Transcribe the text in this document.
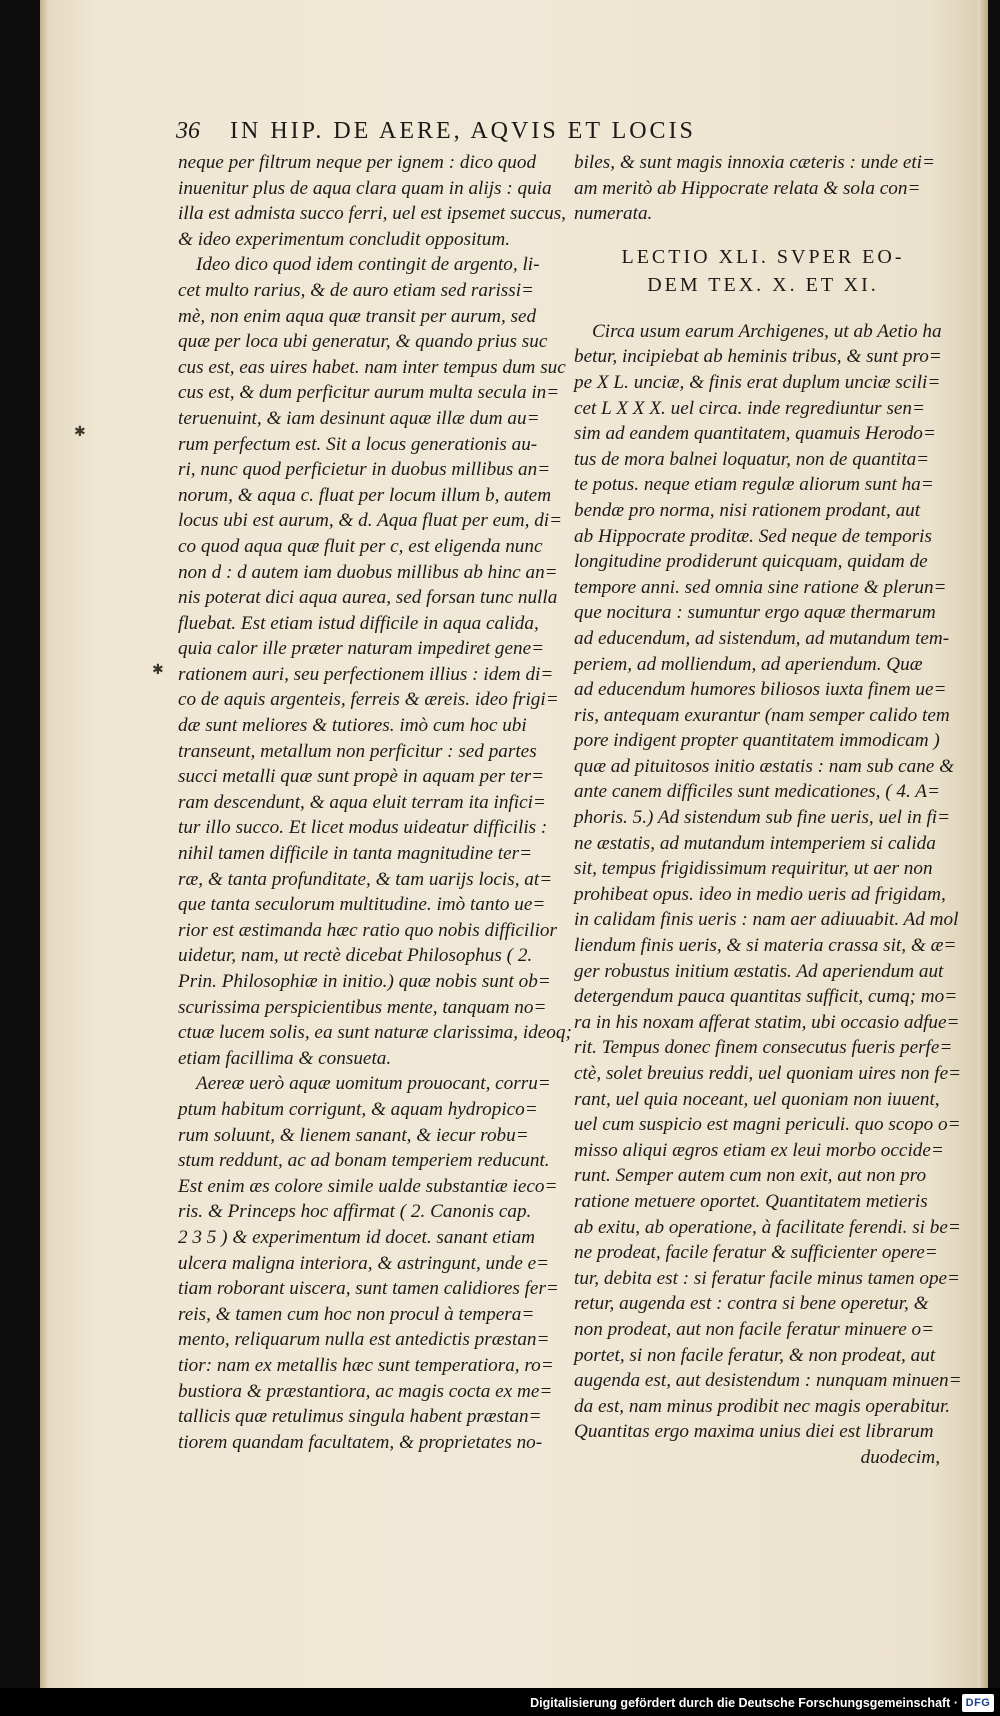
36 IN HIP. DE AERE, AQVIS ET LOCIS
neque per filtrum neque per ignem : dico quod
inuenitur plus de aqua clara quam in alijs : quia
illa est admista succo ferri, uel est ipsemet succus,
& ideo experimentum concludit oppositum.
Ideo dico quod idem contingit de argento, li-
cet multo rarius, & de auro etiam sed rarissi=
mè, non enim aqua quæ transit per aurum, sed
quæ per loca ubi generatur, & quando prius suc
cus est, eas uires habet. nam inter tempus dum suc
cus est, & dum perficitur aurum multa secula in=
teruenuint, & iam desinunt aquæ illæ dum au=
rum perfectum est. Sit a locus generationis au-
ri, nunc quod perficietur in duobus millibus an=
norum, & aqua c. fluat per locum illum b, autem
locus ubi est aurum, & d. Aqua fluat per eum, di=
co quod aqua quæ fluit per c, est eligenda nunc
non d : d autem iam duobus millibus ab hinc an=
nis poterat dici aqua aurea, sed forsan tunc nulla
fluebat. Est etiam istud difficile in aqua calida,
quia calor ille præter naturam impediret gene=
rationem auri, seu perfectionem illius : idem di=
co de aquis argenteis, ferreis & æreis. ideo frigi=
dæ sunt meliores & tutiores. imò cum hoc ubi
transeunt, metallum non perficitur : sed partes
succi metalli quæ sunt propè in aquam per ter=
ram descendunt, & aqua eluit terram ita infici=
tur illo succo. Et licet modus uideatur difficilis :
nihil tamen difficile in tanta magnitudine ter=
ræ, & tanta profunditate, & tam uarijs locis, at=
que tanta seculorum multitudine. imò tanto ue=
rior est æstimanda hæc ratio quo nobis difficilior
uidetur, nam, ut rectè dicebat Philosophus ( 2.
Prin. Philosophiæ in initio.) quæ nobis sunt ob=
scurissima perspicientibus mente, tanquam no=
ctuæ lucem solis, ea sunt naturæ clarissima, ideoq;
etiam facillima & consueta.
Aereæ uerò aquæ uomitum prouocant, corru=
ptum habitum corrigunt, & aquam hydropico=
rum soluunt, & lienem sanant, & iecur robu=
stum reddunt, ac ad bonam temperiem reducunt.
Est enim æs colore simile ualde substantiæ ieco=
ris. & Princeps hoc affirmat ( 2. Canonis cap.
2 3 5 ) & experimentum id docet. sanant etiam
ulcera maligna interiora, & astringunt, unde e=
tiam roborant uiscera, sunt tamen calidiores fer=
reis, & tamen cum hoc non procul à tempera=
mento, reliquarum nulla est antedictis præstan=
tior: nam ex metallis hæc sunt temperatiora, ro=
bustiora & præstantiora, ac magis cocta ex me=
tallicis quæ retulimus singula habent præstan=
tiorem quandam facultatem, & proprietates no-
biles, & sunt magis innoxia cæteris : unde eti=
am meritò ab Hippocrate relata & sola con=
numerata.
LECTIO XLI. SVPER EO-
DEM TEX. X. ET XI.
Circa usum earum Archigenes, ut ab Aetio ha
betur, incipiebat ab heminis tribus, & sunt pro=
pe X L. unciæ, & finis erat duplum unciæ scili=
cet L X X X. uel circa. inde regrediuntur sen=
sim ad eandem quantitatem, quamuis Herodo=
tus de mora balnei loquatur, non de quantita=
te potus. neque etiam regulæ aliorum sunt ha=
bendæ pro norma, nisi rationem prodant, aut
ab Hippocrate proditæ. Sed neque de temporis
longitudine prodiderunt quicquam, quidam de
tempore anni. sed omnia sine ratione & plerun=
que nocitura : sumuntur ergo aquæ thermarum
ad educendum, ad sistendum, ad mutandum tem-
periem, ad molliendum, ad aperiendum. Quæ
ad educendum humores biliosos iuxta finem ue=
ris, antequam exurantur (nam semper calido tem
pore indigent propter quantitatem immodicam )
quæ ad pituitosos initio æstatis : nam sub cane &
ante canem difficiles sunt medicationes, ( 4. A=
phoris. 5.) Ad sistendum sub fine ueris, uel in fi=
ne æstatis, ad mutandum intemperiem si calida
sit, tempus frigidissimum requiritur, ut aer non
prohibeat opus. ideo in medio ueris ad frigidam,
in calidam finis ueris : nam aer adiuuabit. Ad mol
liendum finis ueris, & si materia crassa sit, & æ=
ger robustus initium æstatis. Ad aperiendum aut
detergendum pauca quantitas sufficit, cumq; mo=
ra in his noxam afferat statim, ubi occasio adfue=
rit. Tempus donec finem consecutus fueris perfe=
ctè, solet breuius reddi, uel quoniam uires non fe=
rant, uel quia noceant, uel quoniam non iuuent,
uel cum suspicio est magni periculi. quo scopo o=
misso aliqui ægros etiam ex leui morbo occide=
runt. Semper autem cum non exit, aut non pro
ratione metuere oportet. Quantitatem metieris
ab exitu, ab operatione, à facilitate ferendi. si be=
ne prodeat, facile feratur & sufficienter opere=
tur, debita est : si feratur facile minus tamen ope=
retur, augenda est : contra si bene operetur, &
non prodeat, aut non facile feratur minuere o=
portet, si non facile feratur, & non prodeat, aut
augenda est, aut desistendum : nunquam minuen=
da est, nam minus prodibit nec magis operabitur.
Quantitas ergo maxima unius diei est librarum
duodecim,
✱
✱
Digitalisierung gefördert durch die Deutsche Forschungsgemeinschaft · DFG
